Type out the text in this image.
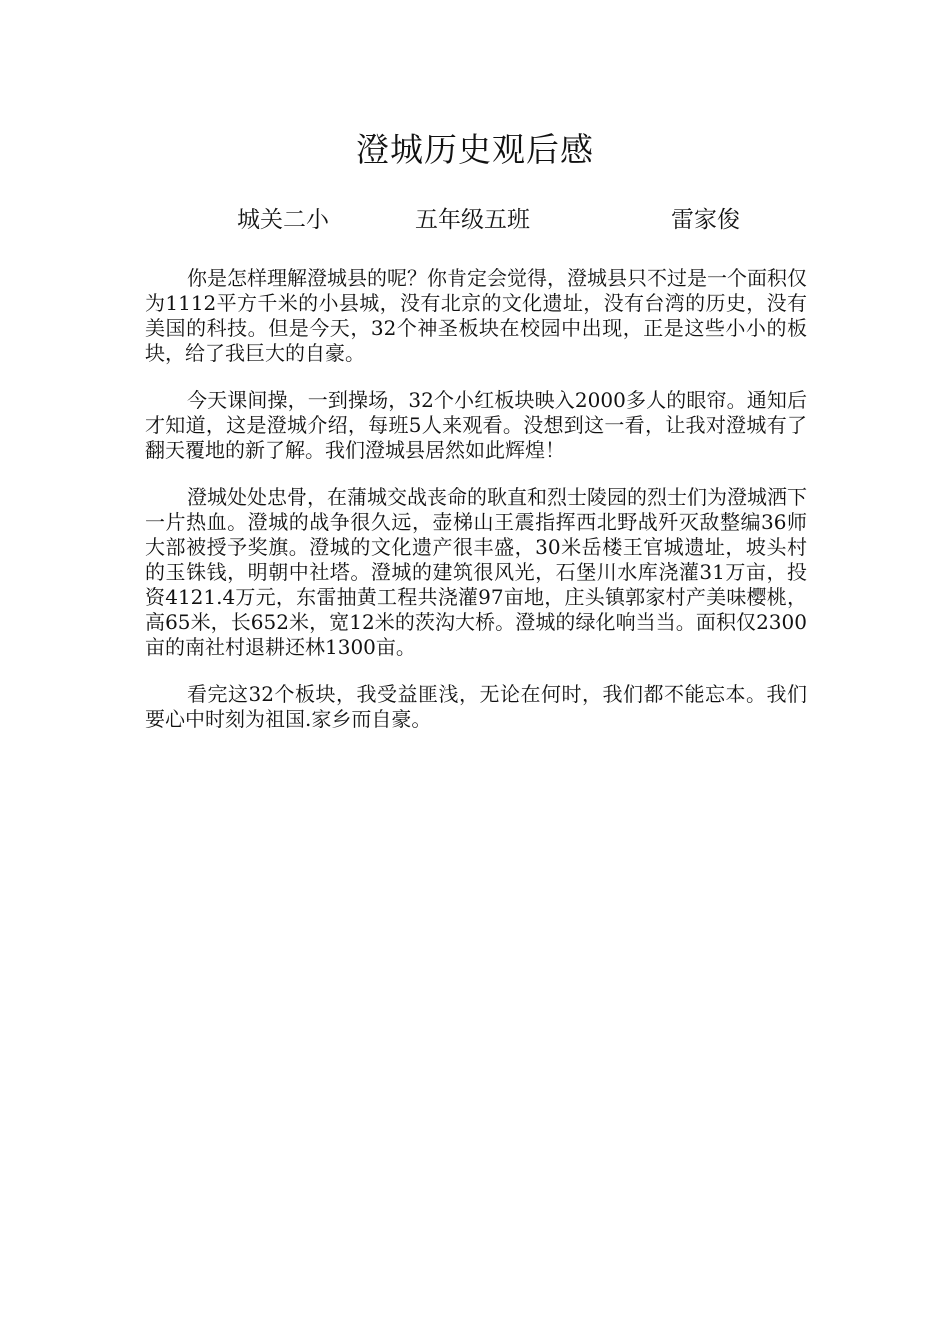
澄城历史观后感
城关二小	五年级五班	雷家俊

你是怎样理解澄城县的呢？你肯定会觉得，澄城县只不过是一个面积仅为1112平方千米的小县城，没有北京的文化遗址，没有台湾的历史，没有美国的科技。但是今天，32个神圣板块在校园中出现，正是这些小小的板块，给了我巨大的自豪。

今天课间操，一到操场，32个小红板块映入2000多人的眼帘。通知后才知道，这是澄城介绍，每班5人来观看。没想到这一看，让我对澄城有了翻天覆地的新了解。我们澄城县居然如此辉煌！

澄城处处忠骨，在蒲城交战丧命的耿直和烈士陵园的烈士们为澄城洒下一片热血。澄城的战争很久远，壶梯山王震指挥西北野战歼灭敌整编36师大部被授予奖旗。澄城的文化遗产很丰盛，30米岳楼王官城遗址，坡头村的玉铢钱，明朝中社塔。澄城的建筑很风光，石堡川水库浇灌31万亩，投资4121.4万元，东雷抽黄工程共浇灌97亩地，庄头镇郭家村产美味樱桃，高65米，长652米，宽12米的茨沟大桥。澄城的绿化响当当。面积仅2300亩的南社村退耕还林1300亩。

看完这32个板块，我受益匪浅，无论在何时，我们都不能忘本。我们要心中时刻为祖国.家乡而自豪。
